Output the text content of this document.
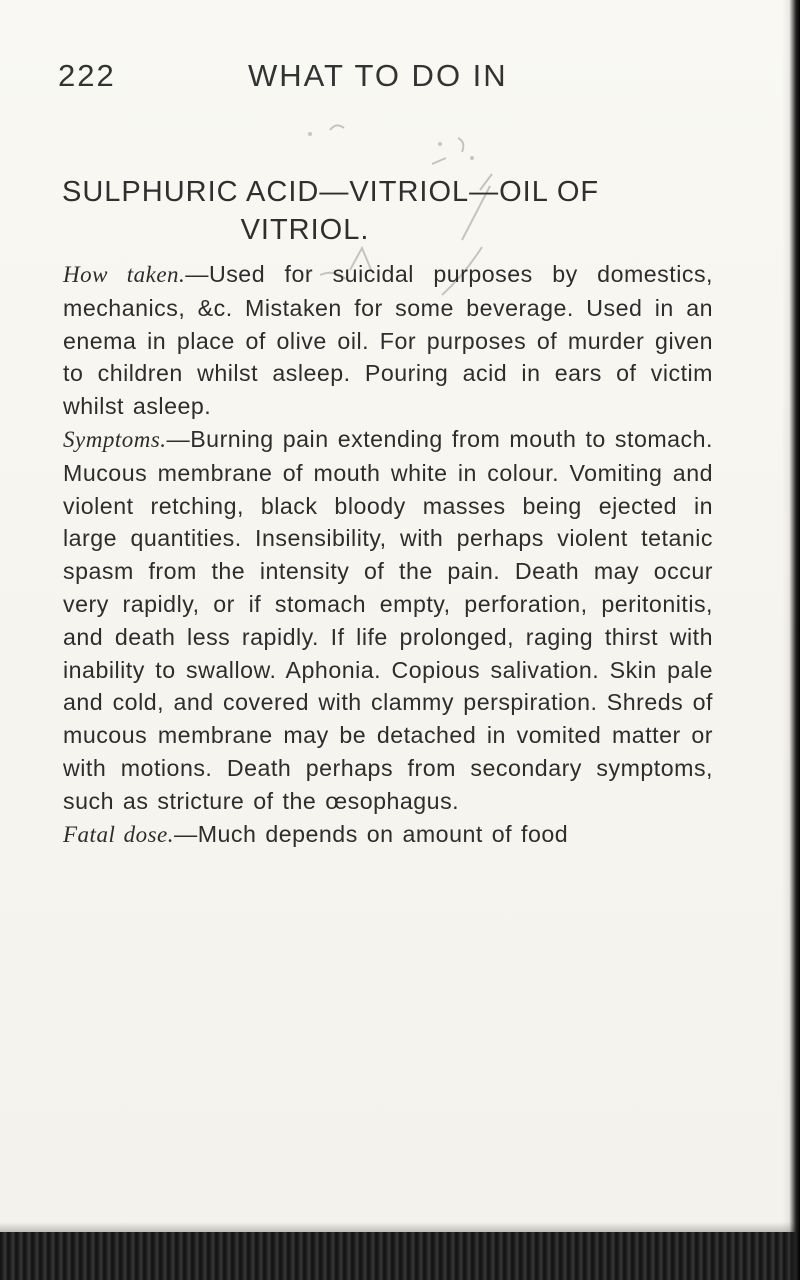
222	WHAT TO DO IN
SULPHURIC ACID—VITRIOL—OIL OF
VITRIOL.

How taken.—Used for suicidal purposes by domestics, mechanics, &c. Mistaken for some beverage. Used in an enema in place of olive oil. For purposes of murder given to children whilst asleep. Pouring acid in ears of victim whilst asleep.

Symptoms.—Burning pain extending from mouth to stomach. Mucous membrane of mouth white in colour. Vomiting and violent retching, black bloody masses being ejected in large quantities. Insensibility, with perhaps violent tetanic spasm from the intensity of the pain. Death may occur very rapidly, or if stomach empty, perforation, peritonitis, and death less rapidly. If life prolonged, raging thirst with inability to swallow. Aphonia. Copious salivation. Skin pale and cold, and covered with clammy perspiration. Shreds of mucous membrane may be detached in vomited matter or with motions. Death perhaps from secondary symptoms, such as stricture of the œsophagus.

Fatal dose.—Much depends on amount of food
